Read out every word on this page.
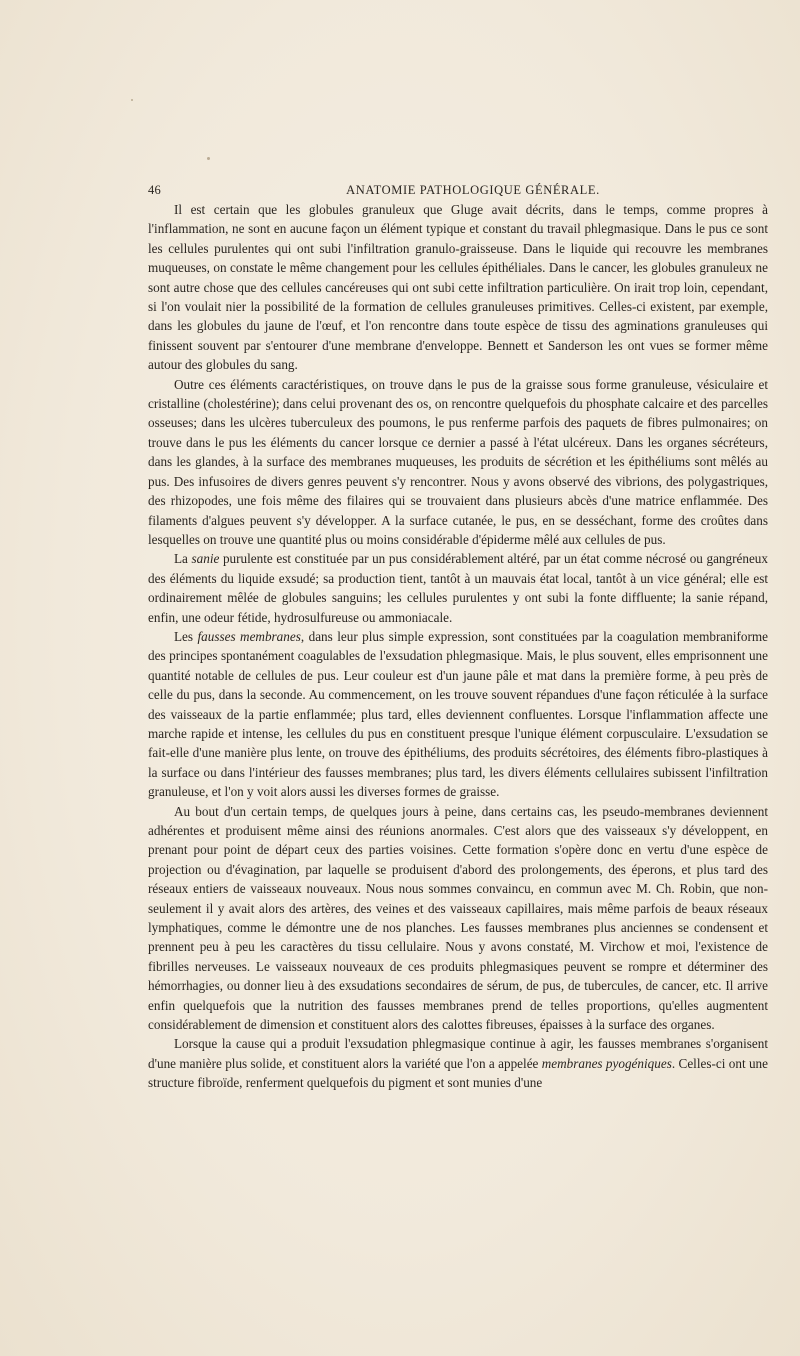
46	ANATOMIE PATHOLOGIQUE GÉNÉRALE.

Il est certain que les globules granuleux que Gluge avait décrits, dans le temps, comme propres à l'inflammation, ne sont en aucune façon un élément typique et constant du travail phlegmasique. Dans le pus ce sont les cellules purulentes qui ont subi l'infiltration granulo-graisseuse. Dans le liquide qui recouvre les membranes muqueuses, on constate le même changement pour les cellules épithéliales. Dans le cancer, les globules granuleux ne sont autre chose que des cellules cancéreuses qui ont subi cette infiltration particulière. On irait trop loin, cependant, si l'on voulait nier la possibilité de la formation de cellules granuleuses primitives. Celles-ci existent, par exemple, dans les globules du jaune de l'œuf, et l'on rencontre dans toute espèce de tissu des agminations granuleuses qui finissent souvent par s'entourer d'une membrane d'enveloppe. Bennett et Sanderson les ont vues se former même autour des globules du sang.

Outre ces éléments caractéristiques, on trouve dans le pus de la graisse sous forme granuleuse, vésiculaire et cristalline (cholestérine); dans celui provenant des os, on rencontre quelquefois du phosphate calcaire et des parcelles osseuses; dans les ulcères tuberculeux des poumons, le pus renferme parfois des paquets de fibres pulmonaires; on trouve dans le pus les éléments du cancer lorsque ce dernier a passé à l'état ulcéreux. Dans les organes sécréteurs, dans les glandes, à la surface des membranes muqueuses, les produits de sécrétion et les épithéliums sont mêlés au pus. Des infusoires de divers genres peuvent s'y rencontrer. Nous y avons observé des vibrions, des polygastriques, des rhizopodes, une fois même des filaires qui se trouvaient dans plusieurs abcès d'une matrice enflammée. Des filaments d'algues peuvent s'y développer. A la surface cutanée, le pus, en se desséchant, forme des croûtes dans lesquelles on trouve une quantité plus ou moins considérable d'épiderme mêlé aux cellules de pus.

La sanie purulente est constituée par un pus considérablement altéré, par un état comme nécrosé ou gangréneux des éléments du liquide exsudé; sa production tient, tantôt à un mauvais état local, tantôt à un vice général; elle est ordinairement mêlée de globules sanguins; les cellules purulentes y ont subi la fonte diffluente; la sanie répand, enfin, une odeur fétide, hydrosulfureuse ou ammoniacale.

Les fausses membranes, dans leur plus simple expression, sont constituées par la coagulation membraniforme des principes spontanément coagulables de l'exsudation phlegmasique. Mais, le plus souvent, elles emprisonnent une quantité notable de cellules de pus. Leur couleur est d'un jaune pâle et mat dans la première forme, à peu près de celle du pus, dans la seconde. Au commencement, on les trouve souvent répandues d'une façon réticulée à la surface des vaisseaux de la partie enflammée; plus tard, elles deviennent confluentes. Lorsque l'inflammation affecte une marche rapide et intense, les cellules du pus en constituent presque l'unique élément corpusculaire. L'exsudation se fait-elle d'une manière plus lente, on trouve des épithéliums, des produits sécrétoires, des éléments fibro-plastiques à la surface ou dans l'intérieur des fausses membranes; plus tard, les divers éléments cellulaires subissent l'infiltration granuleuse, et l'on y voit alors aussi les diverses formes de graisse.

Au bout d'un certain temps, de quelques jours à peine, dans certains cas, les pseudo-membranes deviennent adhérentes et produisent même ainsi des réunions anormales. C'est alors que des vaisseaux s'y développent, en prenant pour point de départ ceux des parties voisines. Cette formation s'opère donc en vertu d'une espèce de projection ou d'évagination, par laquelle se produisent d'abord des prolongements, des éperons, et plus tard des réseaux entiers de vaisseaux nouveaux. Nous nous sommes convaincu, en commun avec M. Ch. Robin, que non-seulement il y avait alors des artères, des veines et des vaisseaux capillaires, mais même parfois de beaux réseaux lymphatiques, comme le démontre une de nos planches. Les fausses membranes plus anciennes se condensent et prennent peu à peu les caractères du tissu cellulaire. Nous y avons constaté, M. Virchow et moi, l'existence de fibrilles nerveuses. Le vaisseaux nouveaux de ces produits phlegmasiques peuvent se rompre et déterminer des hémorrhagies, ou donner lieu à des exsudations secondaires de sérum, de pus, de tubercules, de cancer, etc. Il arrive enfin quelquefois que la nutrition des fausses membranes prend de telles proportions, qu'elles augmentent considérablement de dimension et constituent alors des calottes fibreuses, épaisses à la surface des organes.

Lorsque la cause qui a produit l'exsudation phlegmasique continue à agir, les fausses membranes s'organisent d'une manière plus solide, et constituent alors la variété que l'on a appelée membranes pyogéniques. Celles-ci ont une structure fibroïde, renferment quelquefois du pigment et sont munies d'une
